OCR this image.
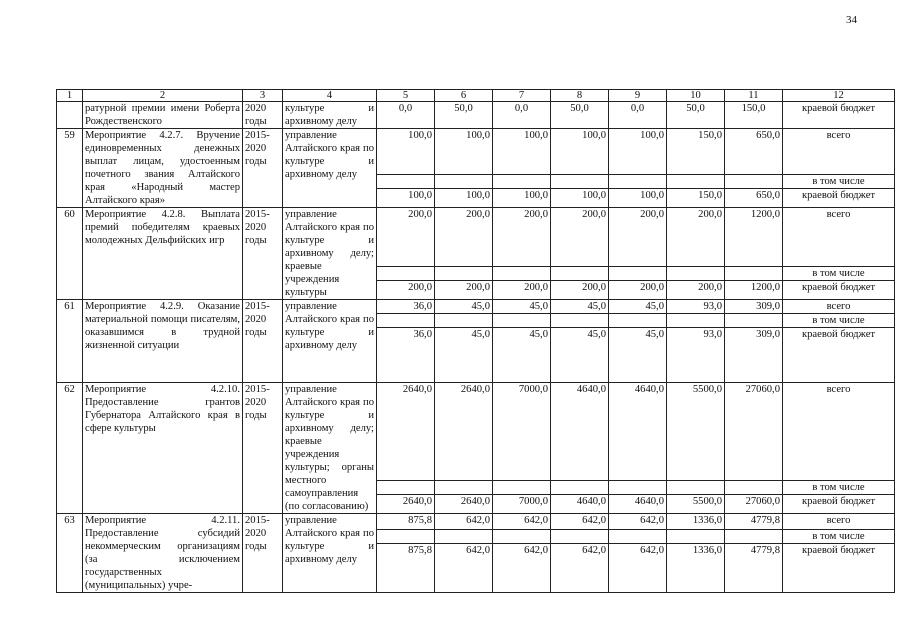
34
1	2	3	4	5	6	7	8	9	10	11	12
	ратурной премии имени Роберта Рождественского	2020 годы	культуре и архивному делу	0,0	50,0	0,0	50,0	0,0	50,0	150,0	краевой бюджет
59	Мероприятие 4.2.7. Вручение единовременных денежных выплат лицам, удостоенным почетного звания Алтайского края «Народный мастер Алтайского края»	2015-2020 годы	управление Алтайского края по культуре и архивному делу	100,0	100,0	100,0	100,0	100,0	150,0	650,0	всего
											в том числе
				100,0	100,0	100,0	100,0	100,0	150,0	650,0	краевой бюджет
60	Мероприятие 4.2.8. Выплата премий победителям краевых молодежных Дельфийских игр	2015-2020 годы	управление Алтайского края по культуре и архивному делу; краевые учреждения культуры	200,0	200,0	200,0	200,0	200,0	200,0	1200,0	всего
											в том числе
				200,0	200,0	200,0	200,0	200,0	200,0	1200,0	краевой бюджет
61	Мероприятие 4.2.9. Оказание материальной помощи писателям, оказавшимся в трудной жизненной ситуации	2015-2020 годы	управление Алтайского края по культуре и архивному делу	36,0	45,0	45,0	45,0	45,0	93,0	309,0	всего
											в том числе
				36,0	45,0	45,0	45,0	45,0	93,0	309,0	краевой бюджет
62	Мероприятие 4.2.10. Предоставление грантов Губернатора Алтайского края в сфере культуры	2015-2020 годы	управление Алтайского края по культуре и архивному делу; краевые учреждения культуры; органы местного самоуправления (по согласованию)	2640,0	2640,0	7000,0	4640,0	4640,0	5500,0	27060,0	всего
											в том числе
				2640,0	2640,0	7000,0	4640,0	4640,0	5500,0	27060,0	краевой бюджет
63	Мероприятие 4.2.11. Предоставление субсидий некоммерческим организациям (за исключением государственных (муниципальных) учре-	2015-2020 годы	управление Алтайского края по культуре и архивному делу	875,8	642,0	642,0	642,0	642,0	1336,0	4779,8	всего
											в том числе
				875,8	642,0	642,0	642,0	642,0	1336,0	4779,8	краевой бюджет
